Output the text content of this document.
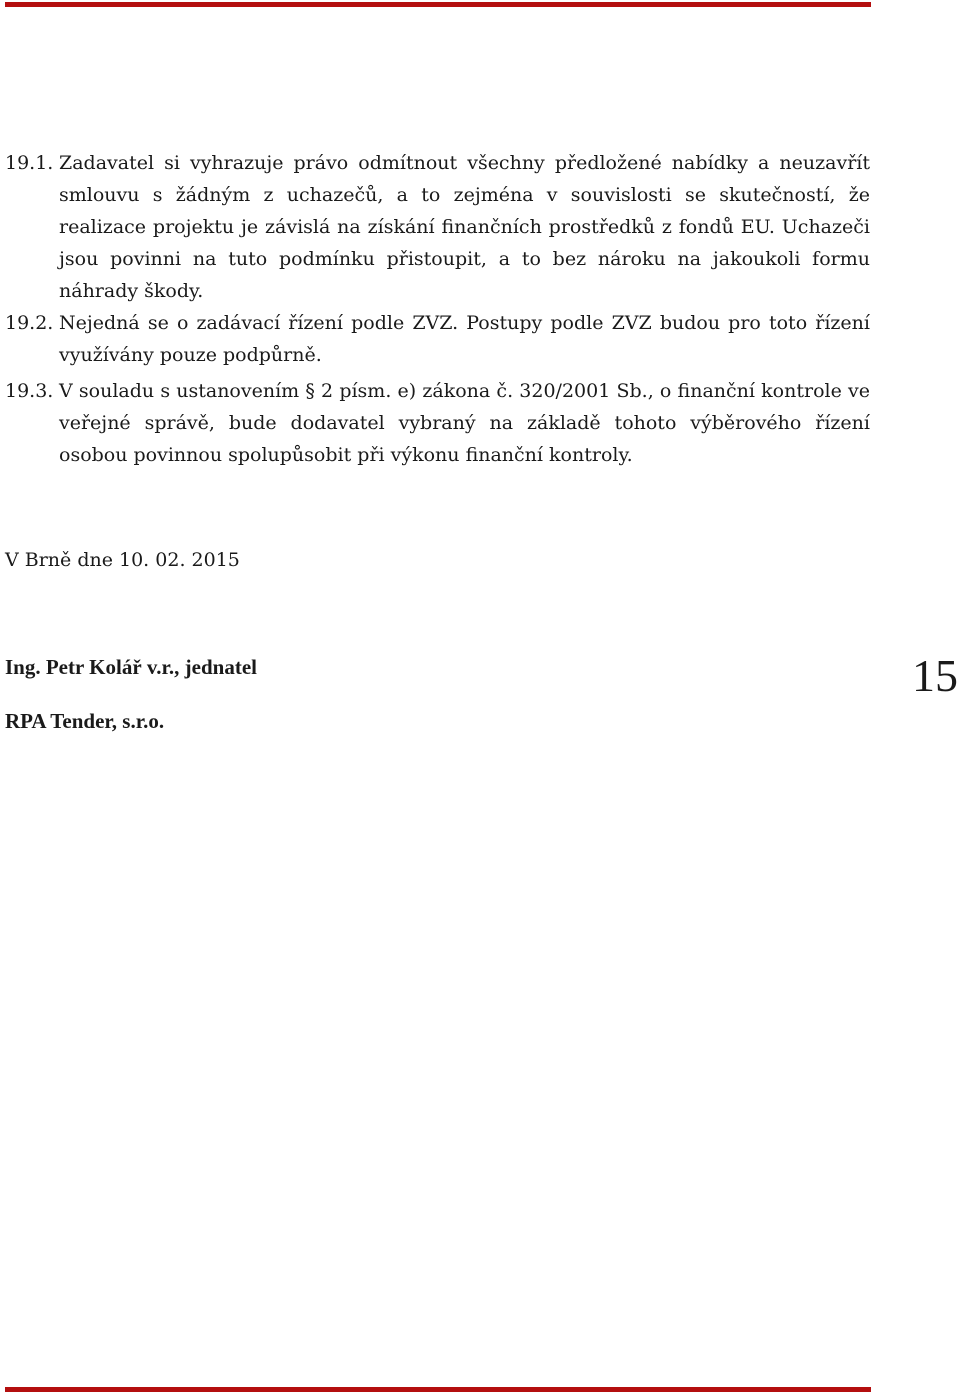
19.1. Zadavatel si vyhrazuje právo odmítnout všechny předložené nabídky a neuzavřít smlouvu s žádným z uchazečů, a to zejména v souvislosti se skutečností, že realizace projektu je závislá na získání finančních prostředků z fondů EU. Uchazeči jsou povinni na tuto podmínku přistoupit, a to bez nároku na jakoukoli formu náhrady škody.
19.2. Nejedná se o zadávací řízení podle ZVZ. Postupy podle ZVZ budou pro toto řízení využívány pouze podpůrně.
19.3. V souladu s ustanovením § 2 písm. e) zákona č. 320/2001 Sb., o finanční kontrole ve veřejné správě, bude dodavatel vybraný na základě tohoto výběrového řízení osobou povinnou spolupůsobit při výkonu finanční kontroly.
V Brně dne 10. 02. 2015
Ing. Petr Kolář v.r., jednatel
RPA Tender, s.r.o.
15
